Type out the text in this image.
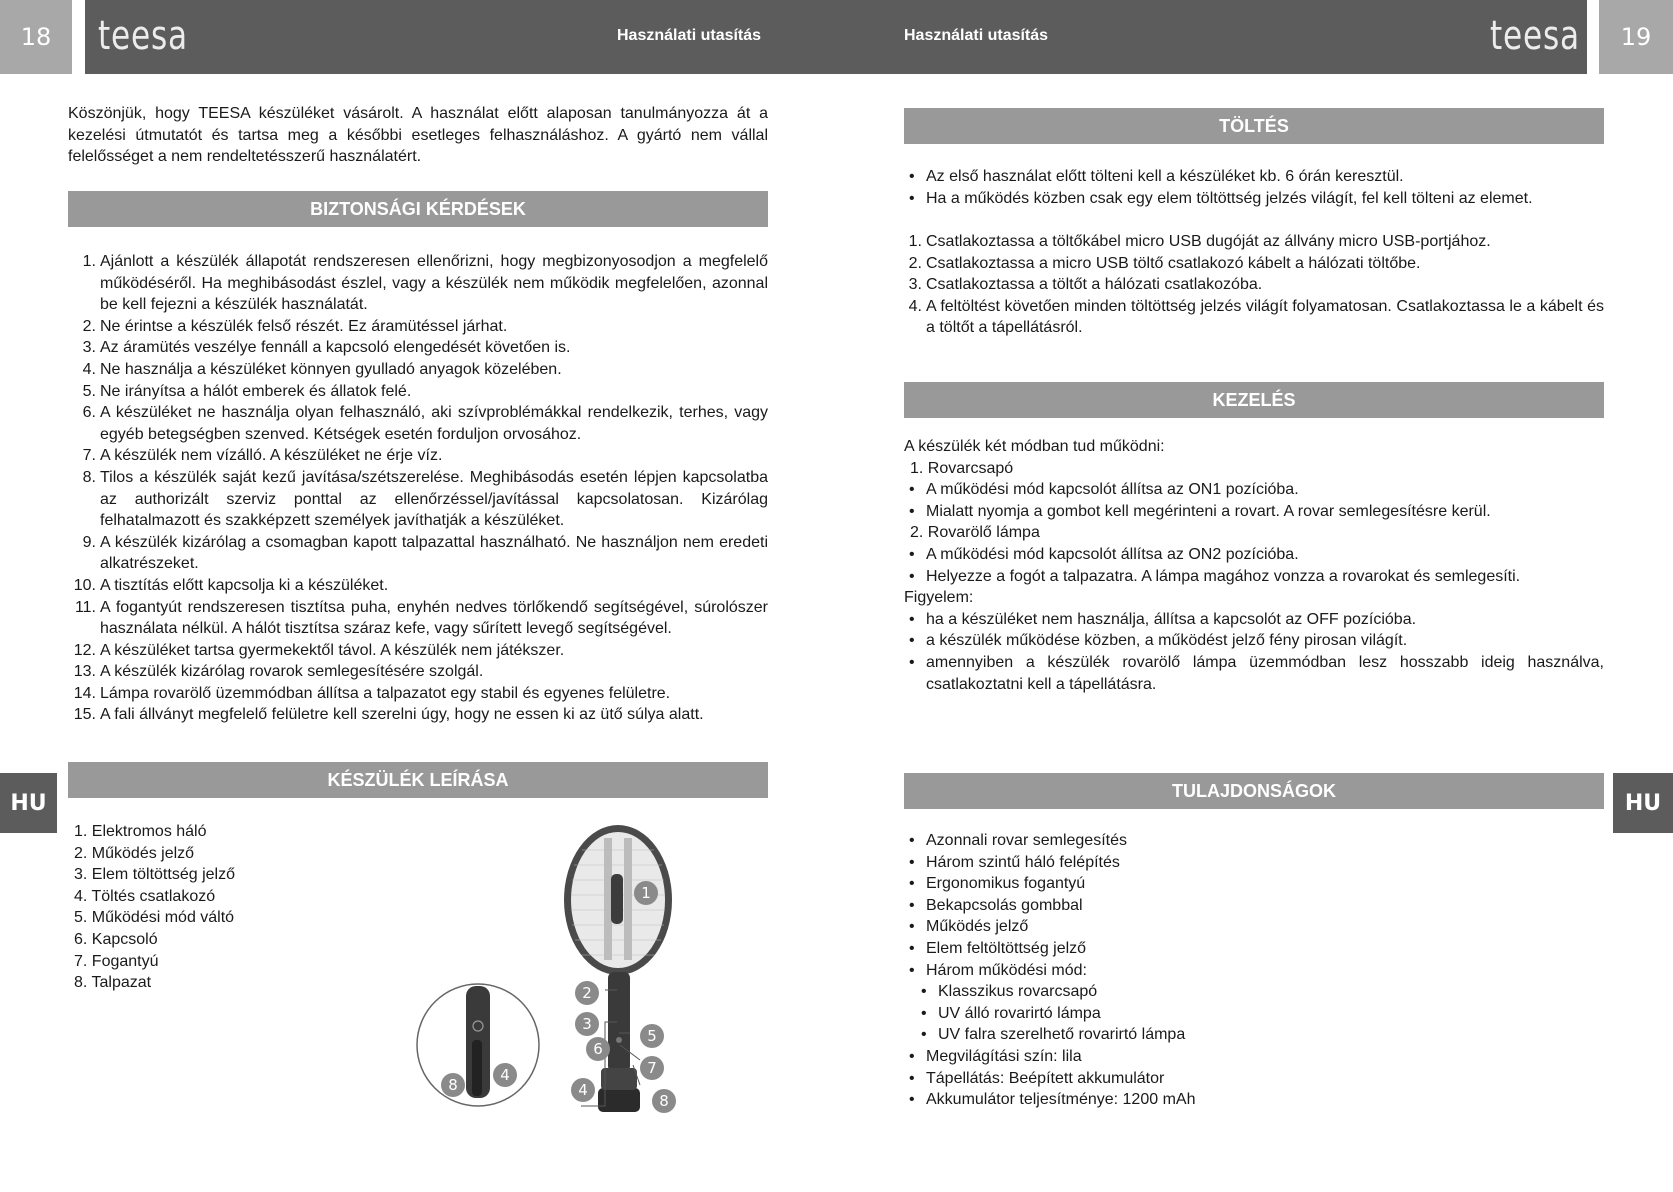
18	teesa	Használati utasítás	Használati utasítás	teesa	19
HU	HU
Köszönjük, hogy TEESA készüléket vásárolt. A használat előtt alaposan tanulmányozza át a kezelési útmutatót és tartsa meg a későbbi esetleges felhasználáshoz. A gyártó nem vállal felelősséget a nem rendeltetésszerű használatért.
BIZTONSÁGI KÉRDÉSEK
1. Ajánlott a készülék állapotát rendszeresen ellenőrizni, hogy megbizonyosodjon a megfelelő működéséről. Ha meghibásodást észlel, vagy a készülék nem működik megfelelően, azonnal be kell fejezni a készülék használatát.
2. Ne érintse a készülék felső részét. Ez áramütéssel járhat.
3. Az áramütés veszélye fennáll a kapcsoló elengedését követően is.
4. Ne használja a készüléket könnyen gyulladó anyagok közelében.
5. Ne irányítsa a hálót emberek és állatok felé.
6. A készüléket ne használja olyan felhasználó, aki szívproblémákkal rendelkezik, terhes, vagy egyéb betegségben szenved. Kétségek esetén forduljon orvosához.
7. A készülék nem vízálló. A készüléket ne érje víz.
8. Tilos a készülék saját kezű javítása/szétszerelése. Meghibásodás esetén lépjen kapcsolatba az authorizált szerviz ponttal az ellenőrzéssel/javítással kapcsolatosan. Kizárólag felhatalmazott és szakképzett személyek javíthatják a készüléket.
9. A készülék kizárólag a csomagban kapott talpazattal használható. Ne használjon nem eredeti alkatrészeket.
10. A tisztítás előtt kapcsolja ki a készüléket.
11. A fogantyút rendszeresen tisztítsa puha, enyhén nedves törlőkendő segítségével, súrolószer használata nélkül. A hálót tisztítsa száraz kefe, vagy sűrített levegő segítségével.
12. A készüléket tartsa gyermekektől távol. A készülék nem játékszer.
13. A készülék kizárólag rovarok semlegesítésére szolgál.
14. Lámpa rovarölő üzemmódban állítsa a talpazatot egy stabil és egyenes felületre.
15. A fali állványt megfelelő felületre kell szerelni úgy, hogy ne essen ki az ütő súlya alatt.
KÉSZÜLÉK LEÍRÁSA
1. Elektromos háló
2. Működés jelző
3. Elem töltöttség jelző
4. Töltés csatlakozó
5. Működési mód váltó
6. Kapcsoló
7. Fogantyú
8. Talpazat
1
2
3
4
5
6
7
8
8
4
TÖLTÉS
• Az első használat előtt tölteni kell a készüléket kb. 6 órán keresztül.
• Ha a működés közben csak egy elem töltöttség jelzés világít, fel kell tölteni az elemet.
1. Csatlakoztassa a töltőkábel micro USB dugóját az állvány micro USB-portjához.
2. Csatlakoztassa a micro USB töltő csatlakozó kábelt a hálózati töltőbe.
3. Csatlakoztassa a töltőt a hálózati csatlakozóba.
4. A feltöltést követően minden töltöttség jelzés világít folyamatosan. Csatlakoztassa le a kábelt és a töltőt a tápellátásról.
KEZELÉS
A készülék két módban tud működni:
1. Rovarcsapó
• A működési mód kapcsolót állítsa az ON1 pozícióba.
• Mialatt nyomja a gombot kell megérinteni a rovart. A rovar semlegesítésre kerül.
2. Rovarölő lámpa
• A működési mód kapcsolót állítsa az ON2 pozícióba.
• Helyezze a fogót a talpazatra. A lámpa magához vonzza a rovarokat és semlegesíti.
Figyelem:
• ha a készüléket nem használja, állítsa a kapcsolót az OFF pozícióba.
• a készülék működése közben, a működést jelző fény pirosan világít.
• amennyiben a készülék rovarölő lámpa üzemmódban lesz hosszabb ideig használva, csatlakoztatni kell a tápellátásra.
TULAJDONSÁGOK
• Azonnali rovar semlegesítés
• Három szintű háló felépítés
• Ergonomikus fogantyú
• Bekapcsolás gombbal
• Működés jelző
• Elem feltöltöttség jelző
• Három működési mód:
• Klasszikus rovarcsapó
• UV álló rovarirtó lámpa
• UV falra szerelhető rovarirtó lámpa
• Megvilágítási szín: lila
• Tápellátás: Beépített akkumulátor
• Akkumulátor teljesítménye: 1200 mAh
